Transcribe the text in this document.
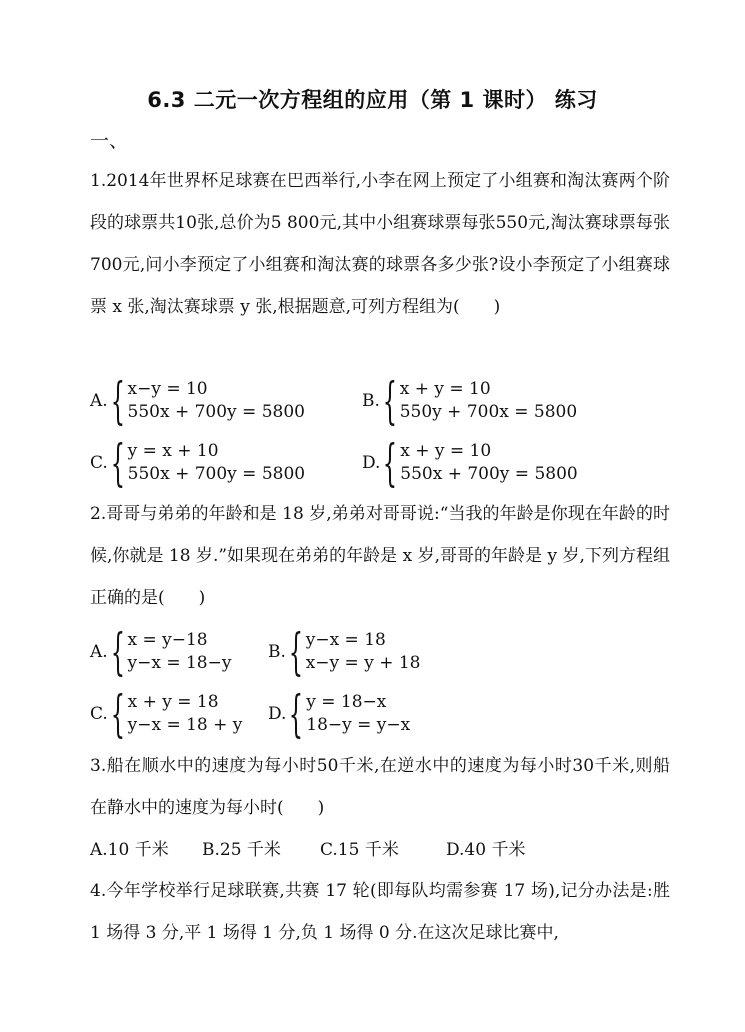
6.3 二元一次方程组的应用（第 1 课时） 练习
一、
1.2014年世界杯足球赛在巴西举行,小李在网上预定了小组赛和淘汰赛两个阶段的球票共10张,总价为5 800元,其中小组赛球票每张550元,淘汰赛球票每张700元,问小李预定了小组赛和淘汰赛的球票各多少张?设小李预定了小组赛球票 x 张,淘汰赛球票 y 张,根据题意,可列方程组为(　　)
A. { x−y = 10
550x + 700y = 5800
B. { x + y = 10
550y + 700x = 5800
C. { y = x + 10
550x + 700y = 5800
D. { x + y = 10
550x + 700y = 5800
2.哥哥与弟弟的年龄和是 18 岁,弟弟对哥哥说:“当我的年龄是你现在年龄的时候,你就是 18 岁.”如果现在弟弟的年龄是 x 岁,哥哥的年龄是 y 岁,下列方程组正确的是(　　)
A. { x = y−18
y−x = 18−y
B. { y−x = 18
x−y = y + 18
C. { x + y = 18
y−x = 18 + y
D. { y = 18−x
18−y = y−x
3.船在顺水中的速度为每小时50千米,在逆水中的速度为每小时30千米,则船在静水中的速度为每小时(　　)
A.10 千米 B.25 千米 C.15 千米	D.40 千米
4.今年学校举行足球联赛,共赛 17 轮(即每队均需参赛 17 场),记分办法是:胜 1 场得 3 分,平 1 场得 1 分,负 1 场得 0 分.在这次足球比赛中,
